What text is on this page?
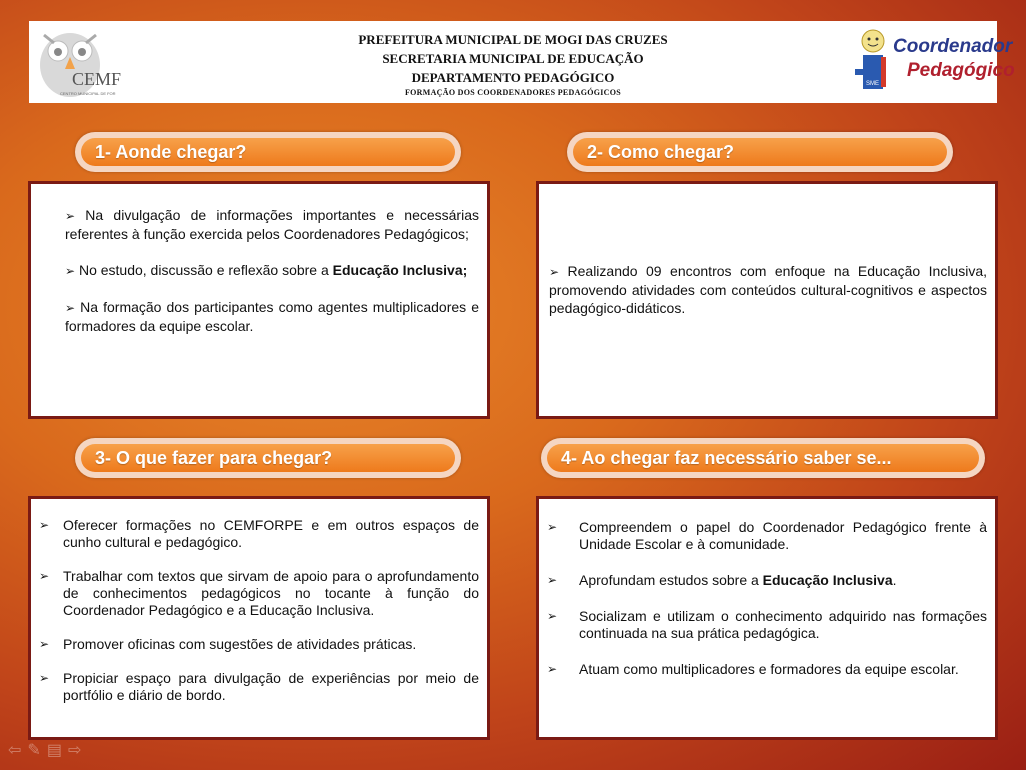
CEMF
CENTRO MUNICIPAL DE FOR
PREFEITURA MUNICIPAL DE MOGI DAS CRUZES
SECRETARIA MUNICIPAL DE EDUCAÇÃO
DEPARTAMENTO PEDAGÓGICO
FORMAÇÃO DOS COORDENADORES PEDAGÓGICOS
SME
Coordenador
Pedagógico
1- Aonde chegar?

➢ Na divulgação de informações importantes e necessárias referentes à função exercida pelos Coordenadores Pedagógicos;

➢ No estudo, discussão e reflexão sobre a Educação Inclusiva;

➢ Na formação dos participantes como agentes multiplicadores e formadores da equipe escolar.

2- Como chegar?

➢ Realizando 09 encontros com enfoque na Educação Inclusiva, promovendo atividades com conteúdos cultural-cognitivos e aspectos pedagógico-didáticos.

3- O que fazer para chegar?
➢ Oferecer formações no CEMFORPE e em outros espaços de cunho cultural e pedagógico.
➢ Trabalhar com textos que sirvam de apoio para o aprofundamento de conhecimentos pedagógicos no tocante à função do Coordenador Pedagógico e a Educação Inclusiva.
➢ Promover oficinas com sugestões de atividades práticas.
➢ Propiciar espaço para divulgação de experiências por meio de portfólio e diário de bordo.
4- Ao chegar faz necessário saber se...
➢ Compreendem o papel do Coordenador Pedagógico frente à Unidade Escolar e à comunidade.
➢ Aprofundam estudos sobre a Educação Inclusiva.
➢ Socializam e utilizam o conhecimento adquirido nas formações continuada na sua prática pedagógica.
➢ Atuam como multiplicadores e formadores da equipe escolar.
⇦✎▤⇨
